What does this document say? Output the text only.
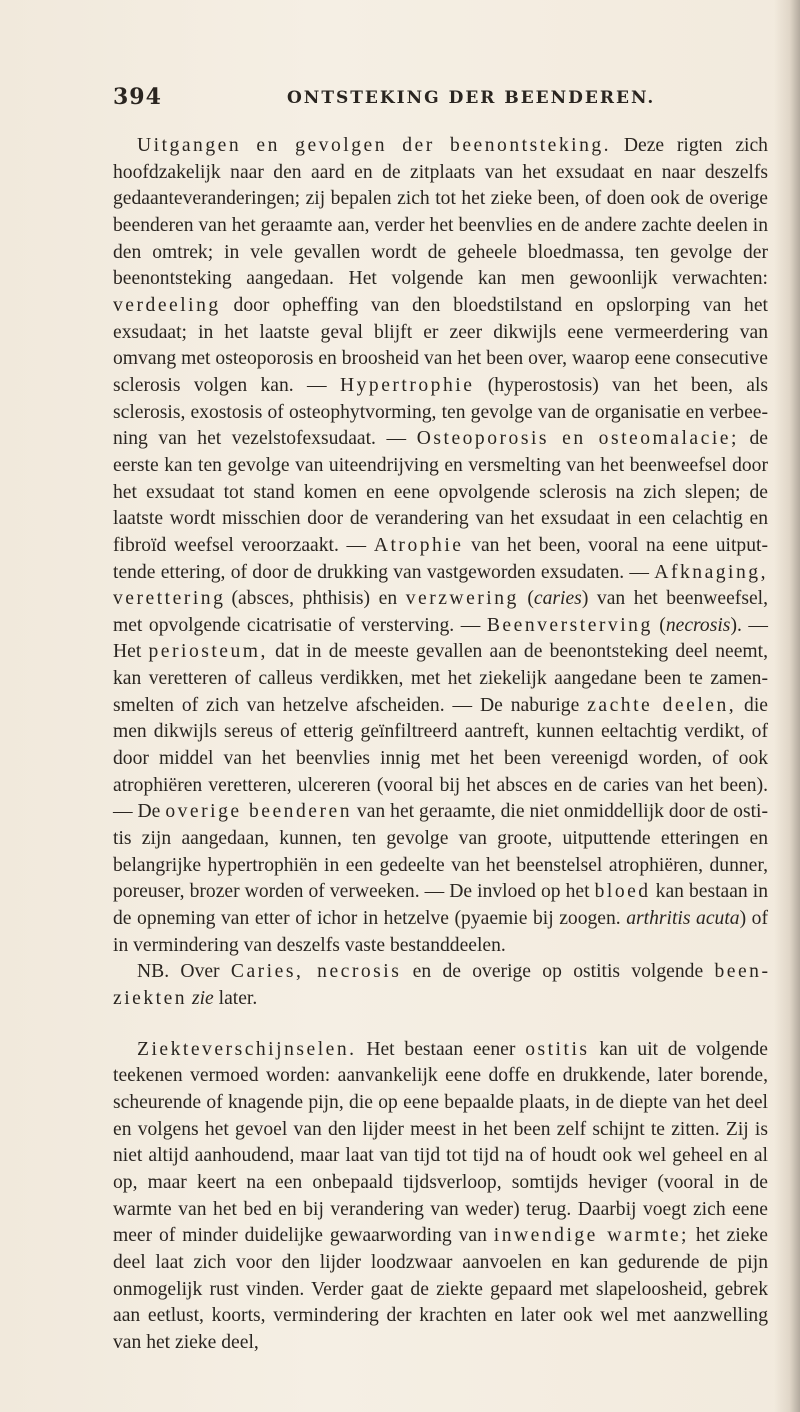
394	ONTSTEKING DER BEENDEREN.

Uitgangen en gevolgen der beenontsteking. Deze rigten zich hoofdzakelijk naar den aard en de zitplaats van het exsudaat en naar deszelfs gedaanteveranderingen; zij bepalen zich tot het zieke been, of doen ook de overige beenderen van het geraamte aan, verder het beenvlies en de andere zachte deelen in den omtrek; in vele gevallen wordt de geheele bloedmassa, ten gevolge der beenontsteking aangedaan. Het volgende kan men gewoonlijk verwachten: verdeeling door opheffing van den bloedstilstand en opslorping van het exsudaat; in het laatste geval blijft er zeer dikwijls eene vermeerdering van omvang met osteoporosis en broosheid van het been over, waarop eene consecutive sclerosis volgen kan. — Hypertrophie (hyperostosis) van het been, als sclerosis, exostosis of osteophytvorming, ten gevolge van de organisatie en verbeening van het vezelstofexsudaat. — Osteoporosis en osteomalacie; de eerste kan ten gevolge van uiteendrijving en versmelting van het beenweefsel door het exsudaat tot stand komen en eene opvolgende sclerosis na zich slepen; de laatste wordt misschien door de verandering van het exsudaat in een celachtig en fibroïd weefsel veroorzaakt. — Atrophie van het been, vooral na eene uitputtende ettering, of door de drukking van vastgeworden exsudaten. — Afknaging, verettering (absces, phthisis) en verzwering (caries) van het beenweefsel, met opvolgende cicatrisatie of versterving. — Beenversterving (necrosis). — Het periosteum, dat in de meeste gevallen aan de beenontsteking deel neemt, kan veretteren of calleus verdikken, met het ziekelijk aangedane been te zamensmelten of zich van hetzelve afscheiden. — De naburige zachte deelen, die men dikwijls sereus of etterig geïnfiltreerd aantreft, kunnen eeltachtig verdikt, of door middel van het beenvlies innig met het been vereenigd worden, of ook atrophiëren veretteren, ulcereren (vooral bij het absces en de caries van het been). — De overige beenderen van het geraamte, die niet onmiddellijk door de ostitis zijn aangedaan, kunnen, ten gevolge van groote, uitputtende etteringen en belangrijke hypertrophiën in een gedeelte van het beenstelsel atrophiëren, dunner, poreuser, brozer worden of verweeken. — De invloed op het bloed kan bestaan in de opneming van etter of ichor in hetzelve (pyaemie bij zoogen. arthritis acuta) of in vermindering van deszelfs vaste bestanddeelen.

NB. Over Caries, necrosis en de overige op ostitis volgende beenziekten zie later.

Ziekteverschijnselen. Het bestaan eener ostitis kan uit de volgende teekenen vermoed worden: aanvankelijk eene doffe en drukkende, later borende, scheurende of knagende pijn, die op eene bepaalde plaats, in de diepte van het deel en volgens het gevoel van den lijder meest in het been zelf schijnt te zitten. Zij is niet altijd aanhoudend, maar laat van tijd tot tijd na of houdt ook wel geheel en al op, maar keert na een onbepaald tijdsverloop, somtijds heviger (vooral in de warmte van het bed en bij verandering van weder) terug. Daarbij voegt zich eene meer of minder duidelijke gewaarwording van inwendige warmte; het zieke deel laat zich voor den lijder loodzwaar aanvoelen en kan gedurende de pijn onmogelijk rust vinden. Verder gaat de ziekte gepaard met slapeloosheid, gebrek aan eetlust, koorts, vermindering der krachten en later ook wel met aanzwelling van het zieke deel,
